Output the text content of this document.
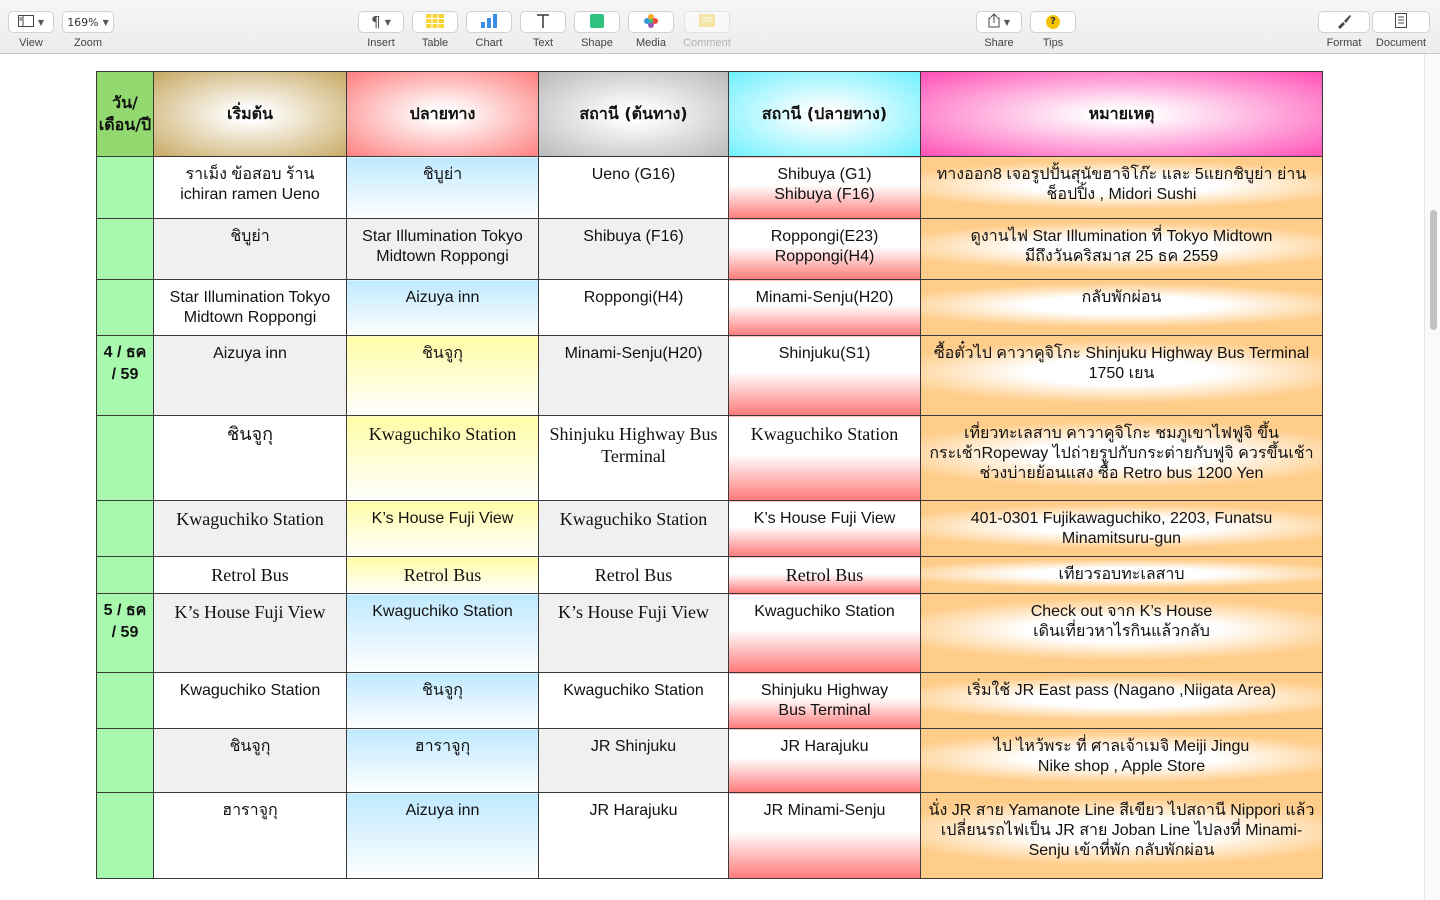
▼
View
169% ▼
Zoom
¶ ▼
Insert Table Chart	Text	Shape Media Comment
▼
Share
?
Tips	Format Document
วัน/เดือน/ปี	เริ่มต้น	ปลายทาง	สถานี (ต้นทาง)	สถานี (ปลายทาง)	หมายเหตุ

	ราเม็ง ข้อสอบ ร้าน ichiran ramen Ueno	ชิบูย่า	Ueno (G16)	Shibuya (G1)
Shibuya (F16)	ทางออก8 เจอรูปปั้นสุนัขฮาจิโก๊ะ และ 5แยกชิบูย่า ย่านช็อปปิ้ง , Midori Sushi

	ชิบูย่า	Star Illumination Tokyo Midtown Roppongi	Shibuya (F16)	Roppongi(E23)
Roppongi(H4)	ดูงานไฟ Star Illumination ที่ Tokyo Midtown
มีถึงวันคริสมาส 25 ธค 2559

	Star Illumination Tokyo Midtown Roppongi	Aizuya inn	Roppongi(H4)	Minami-Senju(H20)	กลับพักผ่อน

4 / ธค / 59	Aizuya inn	ชินจูกุ	Minami-Senju(H20)	Shinjuku(S1)	ซื้อตั๋วไป คาวาคูจิโกะ Shinjuku Highway Bus Terminal 1750 เยน

	ชินจูกุ	Kwaguchiko Station	Shinjuku Highway Bus Terminal	Kwaguchiko Station	เที่ยวทะเลสาบ คาวาคูจิโกะ ชมภูเขาไฟฟูจิ ขึ้นกระเช้าRopeway ไปถ่ายรูปกับกระต่ายกับฟูจิ ควรขึ้นเช้าช่วงบ่ายย้อนแสง ซื้อ Retro bus 1200 Yen

	Kwaguchiko Station	K’s House Fuji View	Kwaguchiko Station	K’s House Fuji View	401-0301 Fujikawaguchiko, 2203, Funatsu Minamitsuru-gun

	Retrol Bus	Retrol Bus	Retrol Bus	Retrol Bus	เทียวรอบทะเลสาบ

5 / ธค / 59	K’s House Fuji View	Kwaguchiko Station	K’s House Fuji View	Kwaguchiko Station	Check out จาก K’s House
เดินเที่ยวหาไรกินแล้วกลับ

	Kwaguchiko Station	ชินจูกุ	Kwaguchiko Station	Shinjuku Highway
Bus Terminal	เริ่มใช้ JR East pass (Nagano ,Niigata Area)

	ชินจูกุ	ฮาราจูกุ	JR Shinjuku	JR Harajuku	ไป ไหว้พระ ที่ ศาลเจ้าเมจิ Meiji Jingu
Nike shop , Apple Store

	ฮาราจูกุ	Aizuya inn	JR Harajuku	JR Minami-Senju	นั่ง JR สาย Yamanote Line สีเขียว ไปสถานี Nippori แล้วเปลี่ยนรถไฟเป็น JR สาย Joban Line ไปลงที่ Minami-Senju เข้าที่พัก กลับพักผ่อน
